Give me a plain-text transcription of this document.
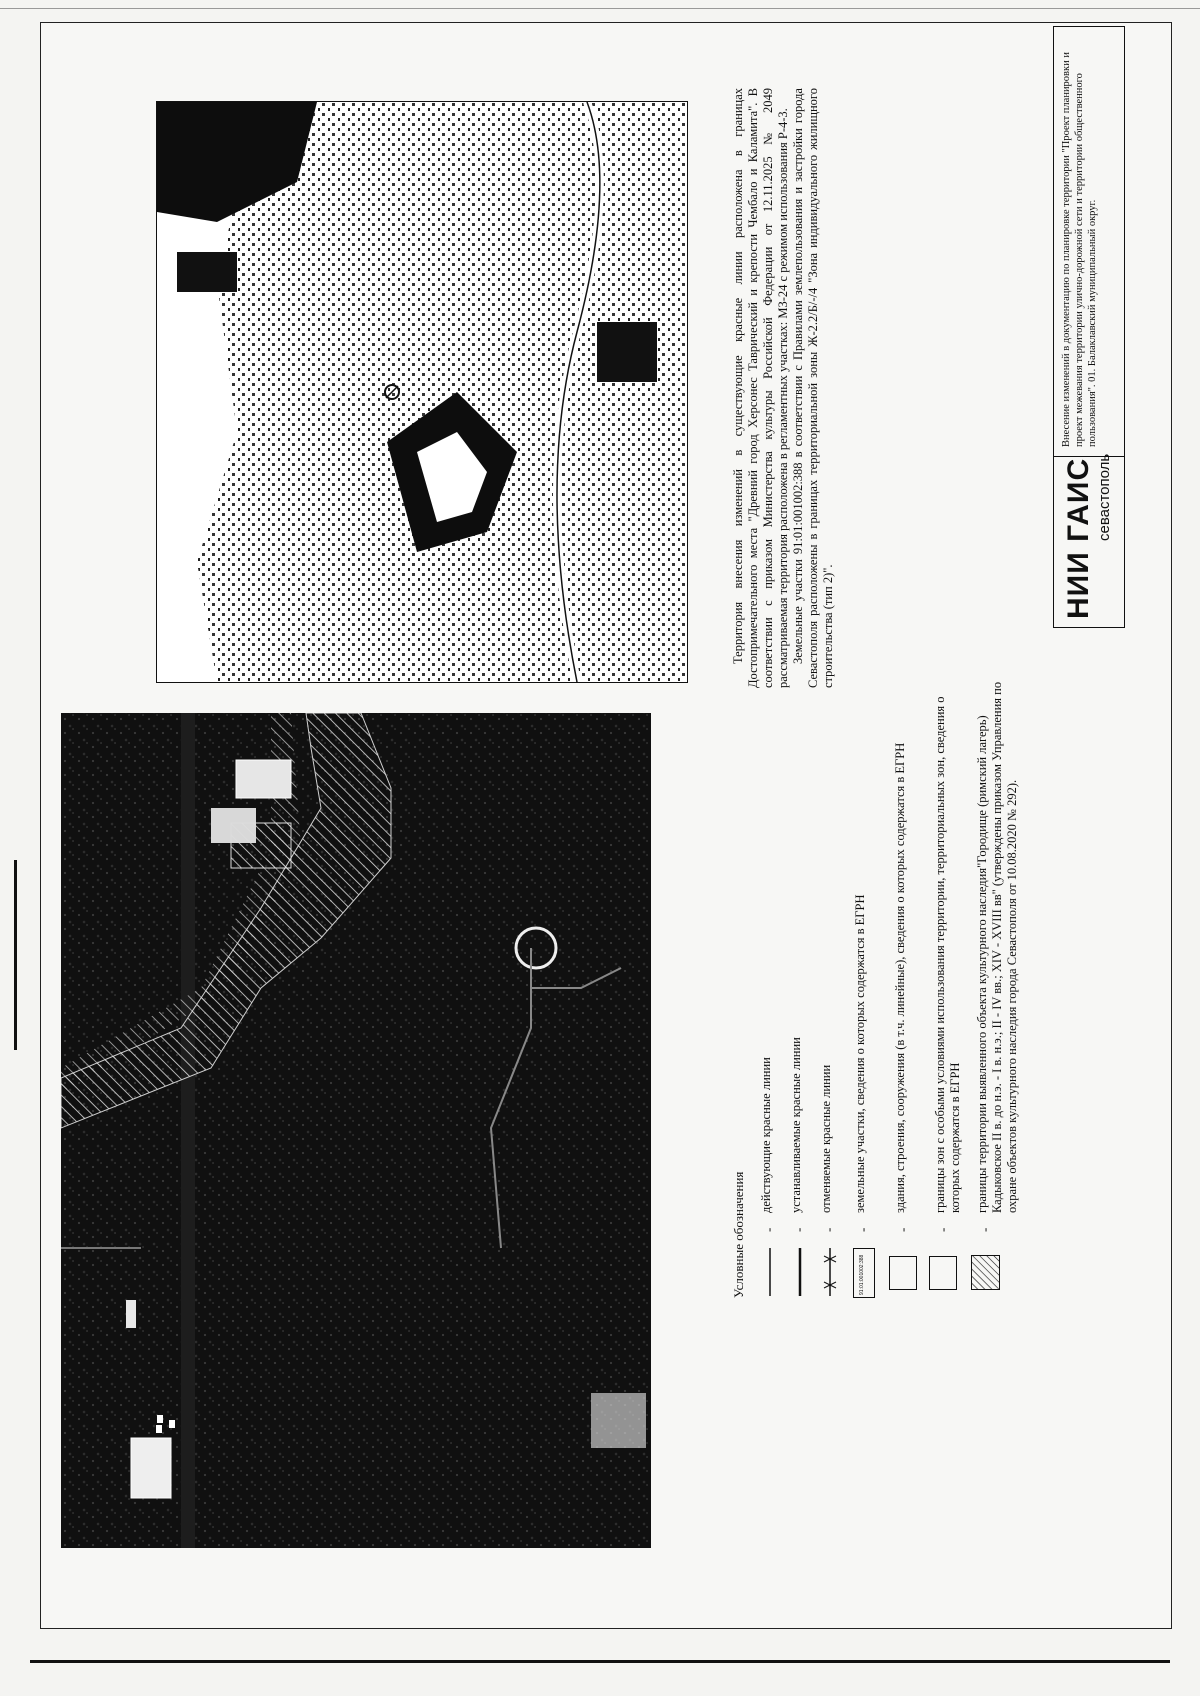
Условные обозначения -
действующие красные линии
-
устанавливаемые красные линии
-
отменяемые красные линии
91:01:001002:388
-
земельные участки, сведения о которых содержатся в ЕГРН
-
здания, строения, сооружения (в т.ч. линейные), сведения о которых содержатся в ЕГРН
-
границы зон с особыми условиями использования территории, территориальных зон, сведения о которых содержатся в ЕГРН
-
границы территории выявленного объекта культурного наследия"Городище (римский лагерь) Кадыковское II в. до н.э. - I в. н.э.; II - IV вв.; XIV - XVIII вв" (утверждены приказом Управления по охране объектов культурного наследия города Севастополя от 10.08.2020 № 292).

Территория внесения изменений в существующие красные линии расположена в границах Достопримечательного места "Древний город Херсонес Таврический и крепости Чембало и Каламита". В соответствии с приказом Министерства культуры Российской Федерации от 12.11.2025 № 2049 рассматриваемая территория расположена в регламентных участках: МЗ-24 с режимом использования Р-4-3. Земельные участки 91:01:001002:388 в соответствии с Правилами землепользования и застройки города Севастополя расположены в границах территориальной зоны Ж-2.2/Б/-/4 "Зона индивидуального жилищного строительства (тип 2)".

НИИ ГАИС севастополь
Внесение изменений в документацию по планировке территории "Проект планировки и проект межевания территории улично-дорожной сети и территории общественного пользования". 01. Балаклавский муниципальный округ.
